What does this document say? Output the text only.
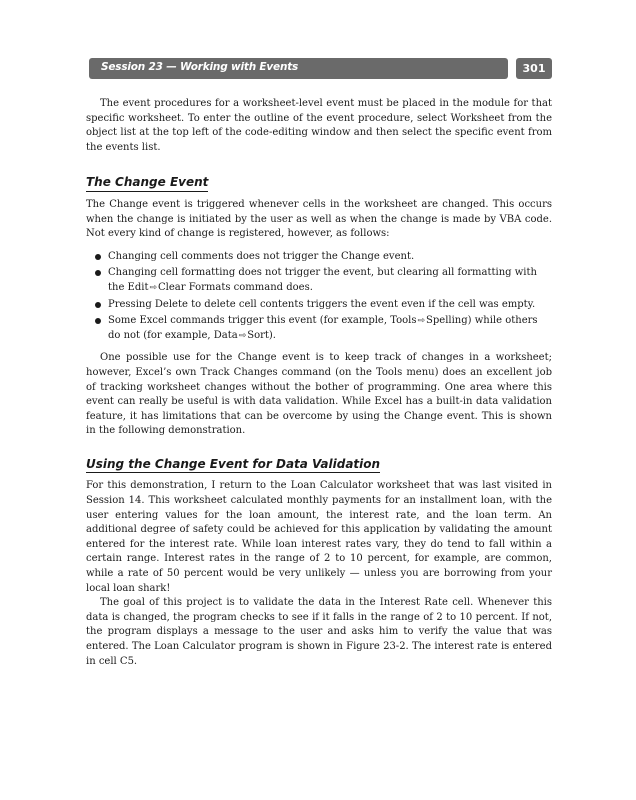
Session 23 — Working with Events	301

The event procedures for a worksheet-level event must be placed in the module for that specific worksheet. To enter the outline of the event procedure, select Worksheet from the object list at the top left of the code-editing window and then select the specific event from the events list.

The Change Event

The Change event is triggered whenever cells in the worksheet are changed. This occurs when the change is initiated by the user as well as when the change is made by VBA code. Not every kind of change is registered, however, as follows:

Changing cell comments does not trigger the Change event.
Changing cell formatting does not trigger the event, but clearing all formatting with the Edit⇨Clear Formats command does.
Pressing Delete to delete cell contents triggers the event even if the cell was empty.
Some Excel commands trigger this event (for example, Tools⇨Spelling) while others do not (for example, Data⇨Sort).

One possible use for the Change event is to keep track of changes in a worksheet; however, Excel’s own Track Changes command (on the Tools menu) does an excellent job of tracking worksheet changes without the bother of programming. One area where this event can really be useful is with data validation. While Excel has a built-in data validation feature, it has limitations that can be overcome by using the Change event. This is shown in the following demonstration.

Using the Change Event for Data Validation

For this demonstration, I return to the Loan Calculator worksheet that was last visited in Session 14. This worksheet calculated monthly payments for an installment loan, with the user entering values for the loan amount, the interest rate, and the loan term. An additional degree of safety could be achieved for this application by validating the amount entered for the interest rate. While loan interest rates vary, they do tend to fall within a certain range. Interest rates in the range of 2 to 10 percent, for example, are common, while a rate of 50 percent would be very unlikely — unless you are borrowing from your local loan shark!

The goal of this project is to validate the data in the Interest Rate cell. Whenever this data is changed, the program checks to see if it falls in the range of 2 to 10 percent. If not, the program displays a message to the user and asks him to verify the value that was entered. The Loan Calculator program is shown in Figure 23-2. The interest rate is entered in cell C5.
